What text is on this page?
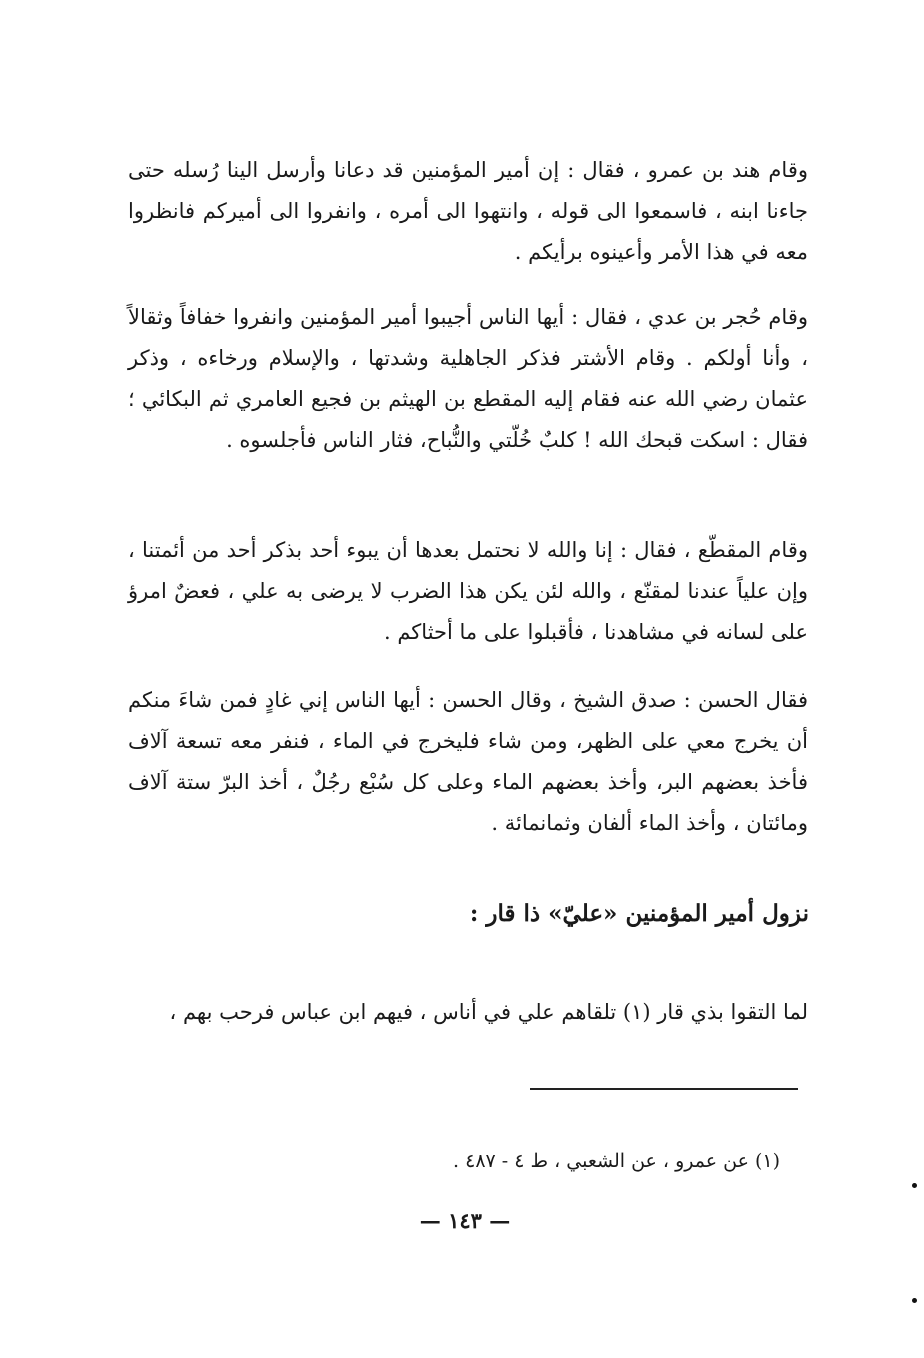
وقام هند بن عمرو ، فقال : إن أمير المؤمنين قد دعانا وأرسل الينا رُسله حتى جاءنا ابنه ، فاسمعوا الى قوله ، وانتهوا الى أمره ، وانفروا الى أميركم فانظروا معه في هذا الأمر وأعينوه برأيكم .

وقام حُجر بن عدي ، فقال : أيها الناس أجيبوا أمير المؤمنين وانفروا خفافاً وثقالاً ، وأنا أولكم . وقام الأشتر فذكر الجاهلية وشدتها ، والإسلام ورخاءه ، وذكر عثمان رضي الله عنه فقام إليه المقطع بن الهيثم بن فجيع العامري ثم البكائي ؛ فقال : اسكت قبحك الله ! كلبٌ خُلّتي والنُّباح، فثار الناس فأجلسوه .

وقام المقطّع ، فقال : إنا والله لا نحتمل بعدها أن يبوء أحد بذكر أحد من أئمتنا ، وإن علياً عندنا لمقنّع ، والله لئن يكن هذا الضرب لا يرضى به علي ، فعضٌ امرؤ على لسانه في مشاهدنا ، فأقبلوا على ما أحثاكم .

فقال الحسن : صدق الشيخ ، وقال الحسن : أيها الناس إني غادٍ فمن شاءَ منكم أن يخرج معي على الظهر، ومن شاء فليخرج في الماء ، فنفر معه تسعة آلاف فأخذ بعضهم البر، وأخذ بعضهم الماء وعلى كل سُبْع رجُلٌ ، أخذ البرّ ستة آلاف ومائتان ، وأخذ الماء ألفان وثمانمائة .

نزول أمير المؤمنين «عليّ» ذا قار :

لما التقوا بذي قار (١) تلقاهم علي في أناس ، فيهم ابن عباس فرحب بهم ،

(١) عن عمرو ، عن الشعبي ، ط ٤ - ٤٨٧ .

— ١٤٣ —
